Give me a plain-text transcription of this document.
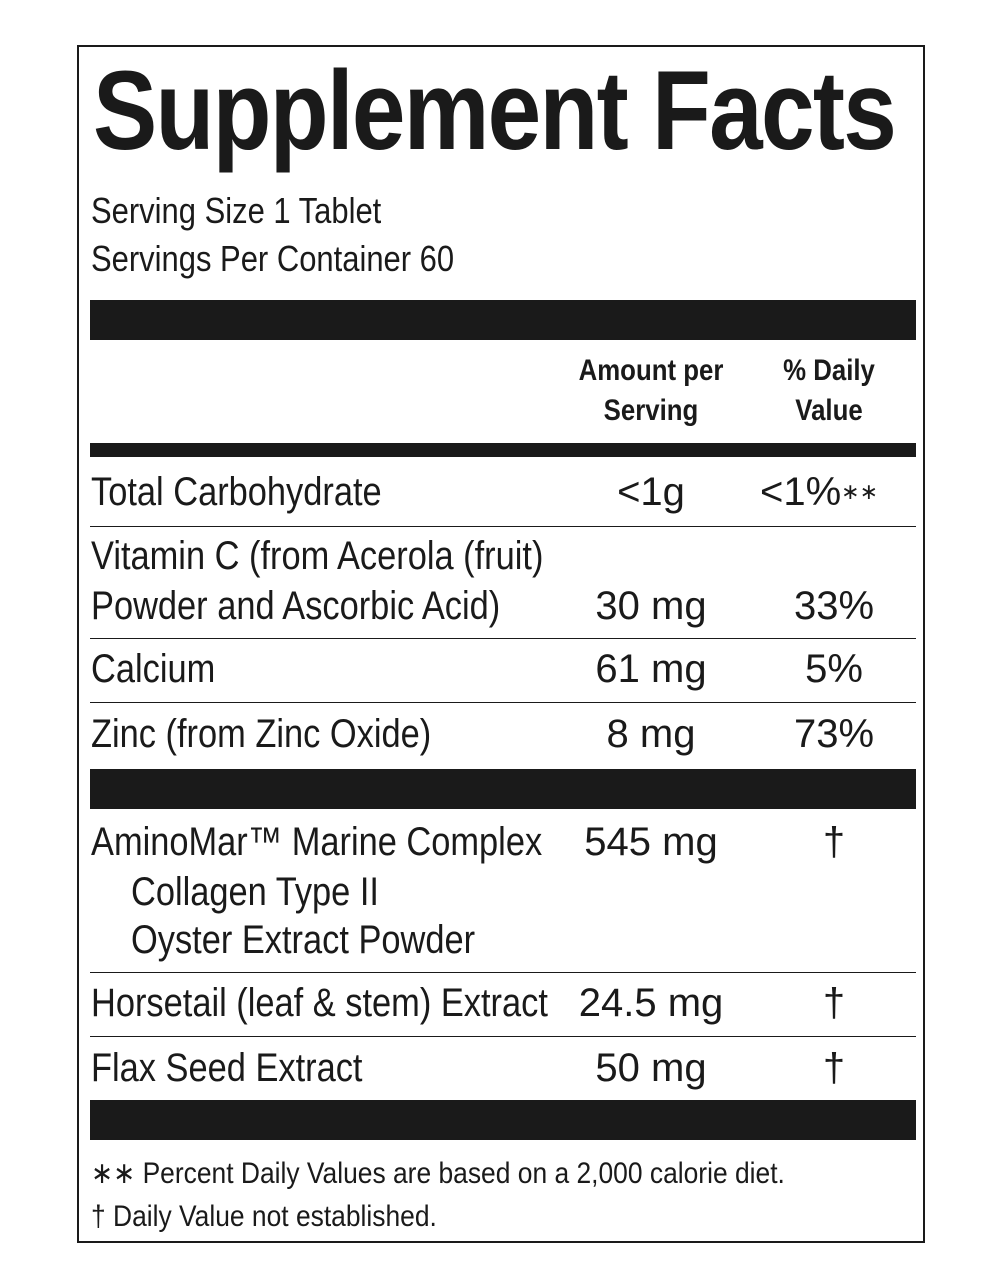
Supplement Facts
Serving Size 1 Tablet
Servings Per Container 60
Amount per
Serving
% Daily
Value
Total Carbohydrate	<1g	<1%∗∗
Vitamin C (from Acerola (fruit)
Powder and Ascorbic Acid)	30 mg	33%
Calcium	61 mg	5%
Zinc (from Zinc Oxide)	8 mg	73%
AminoMar™ Marine Complex	545 mg	†
Collagen Type II
Oyster Extract Powder
Horsetail (leaf & stem) Extract 24.5 mg	†
Flax Seed Extract	50 mg	†
∗∗ Percent Daily Values are based on a 2,000 calorie diet.
† Daily Value not established.
